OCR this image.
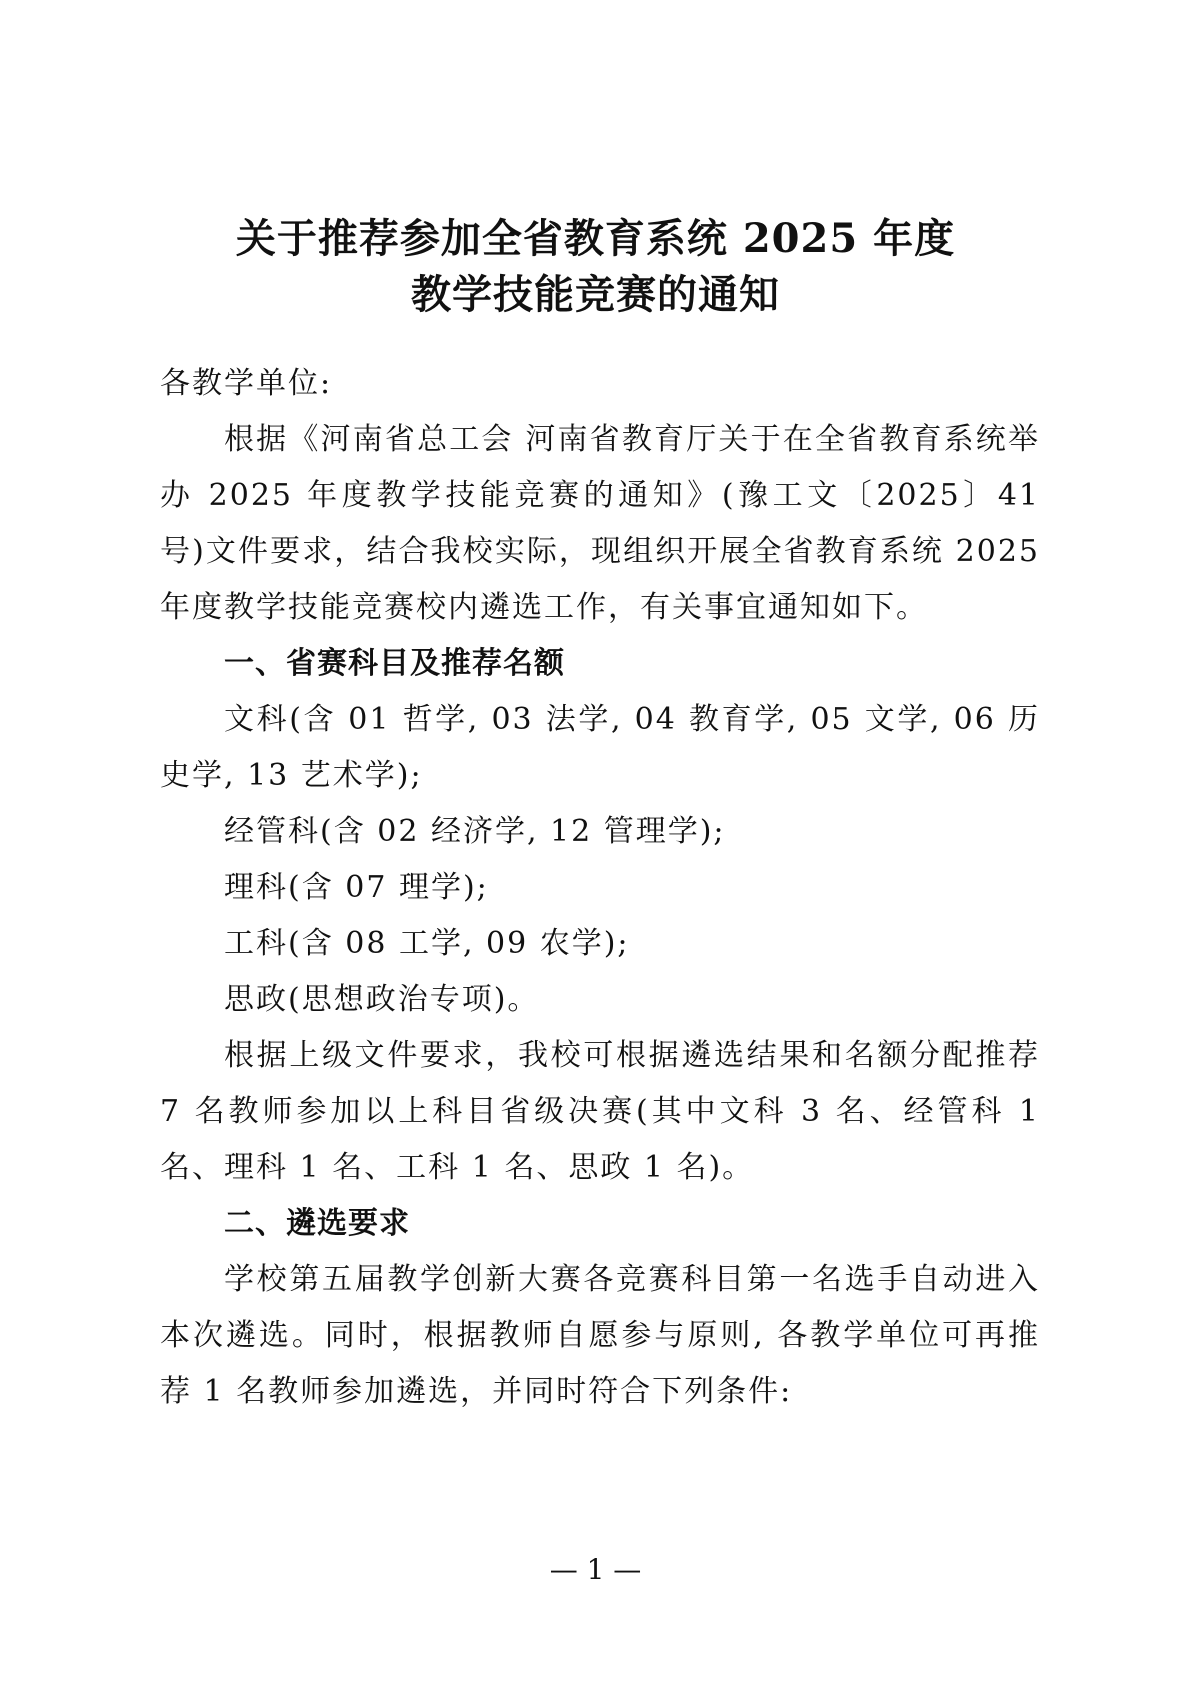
关于推荐参加全省教育系统 2025 年度
教学技能竞赛的通知

各教学单位:

根据《河南省总工会 河南省教育厅关于在全省教育系统举办 2025 年度教学技能竞赛的通知》(豫工文〔2025〕41 号)文件要求，结合我校实际，现组织开展全省教育系统 2025 年度教学技能竞赛校内遴选工作，有关事宜通知如下。

一、省赛科目及推荐名额

文科(含 01 哲学, 03 法学, 04 教育学, 05 文学, 06 历史学, 13 艺术学);

经管科(含 02 经济学, 12 管理学);

理科(含 07 理学);

工科(含 08 工学, 09 农学);

思政(思想政治专项)。

根据上级文件要求，我校可根据遴选结果和名额分配推荐 7 名教师参加以上科目省级决赛(其中文科 3 名、经管科 1 名、理科 1 名、工科 1 名、思政 1 名)。

二、遴选要求

学校第五届教学创新大赛各竞赛科目第一名选手自动进入本次遴选。同时，根据教师自愿参与原则, 各教学单位可再推荐 1 名教师参加遴选，并同时符合下列条件:

— 1 —
